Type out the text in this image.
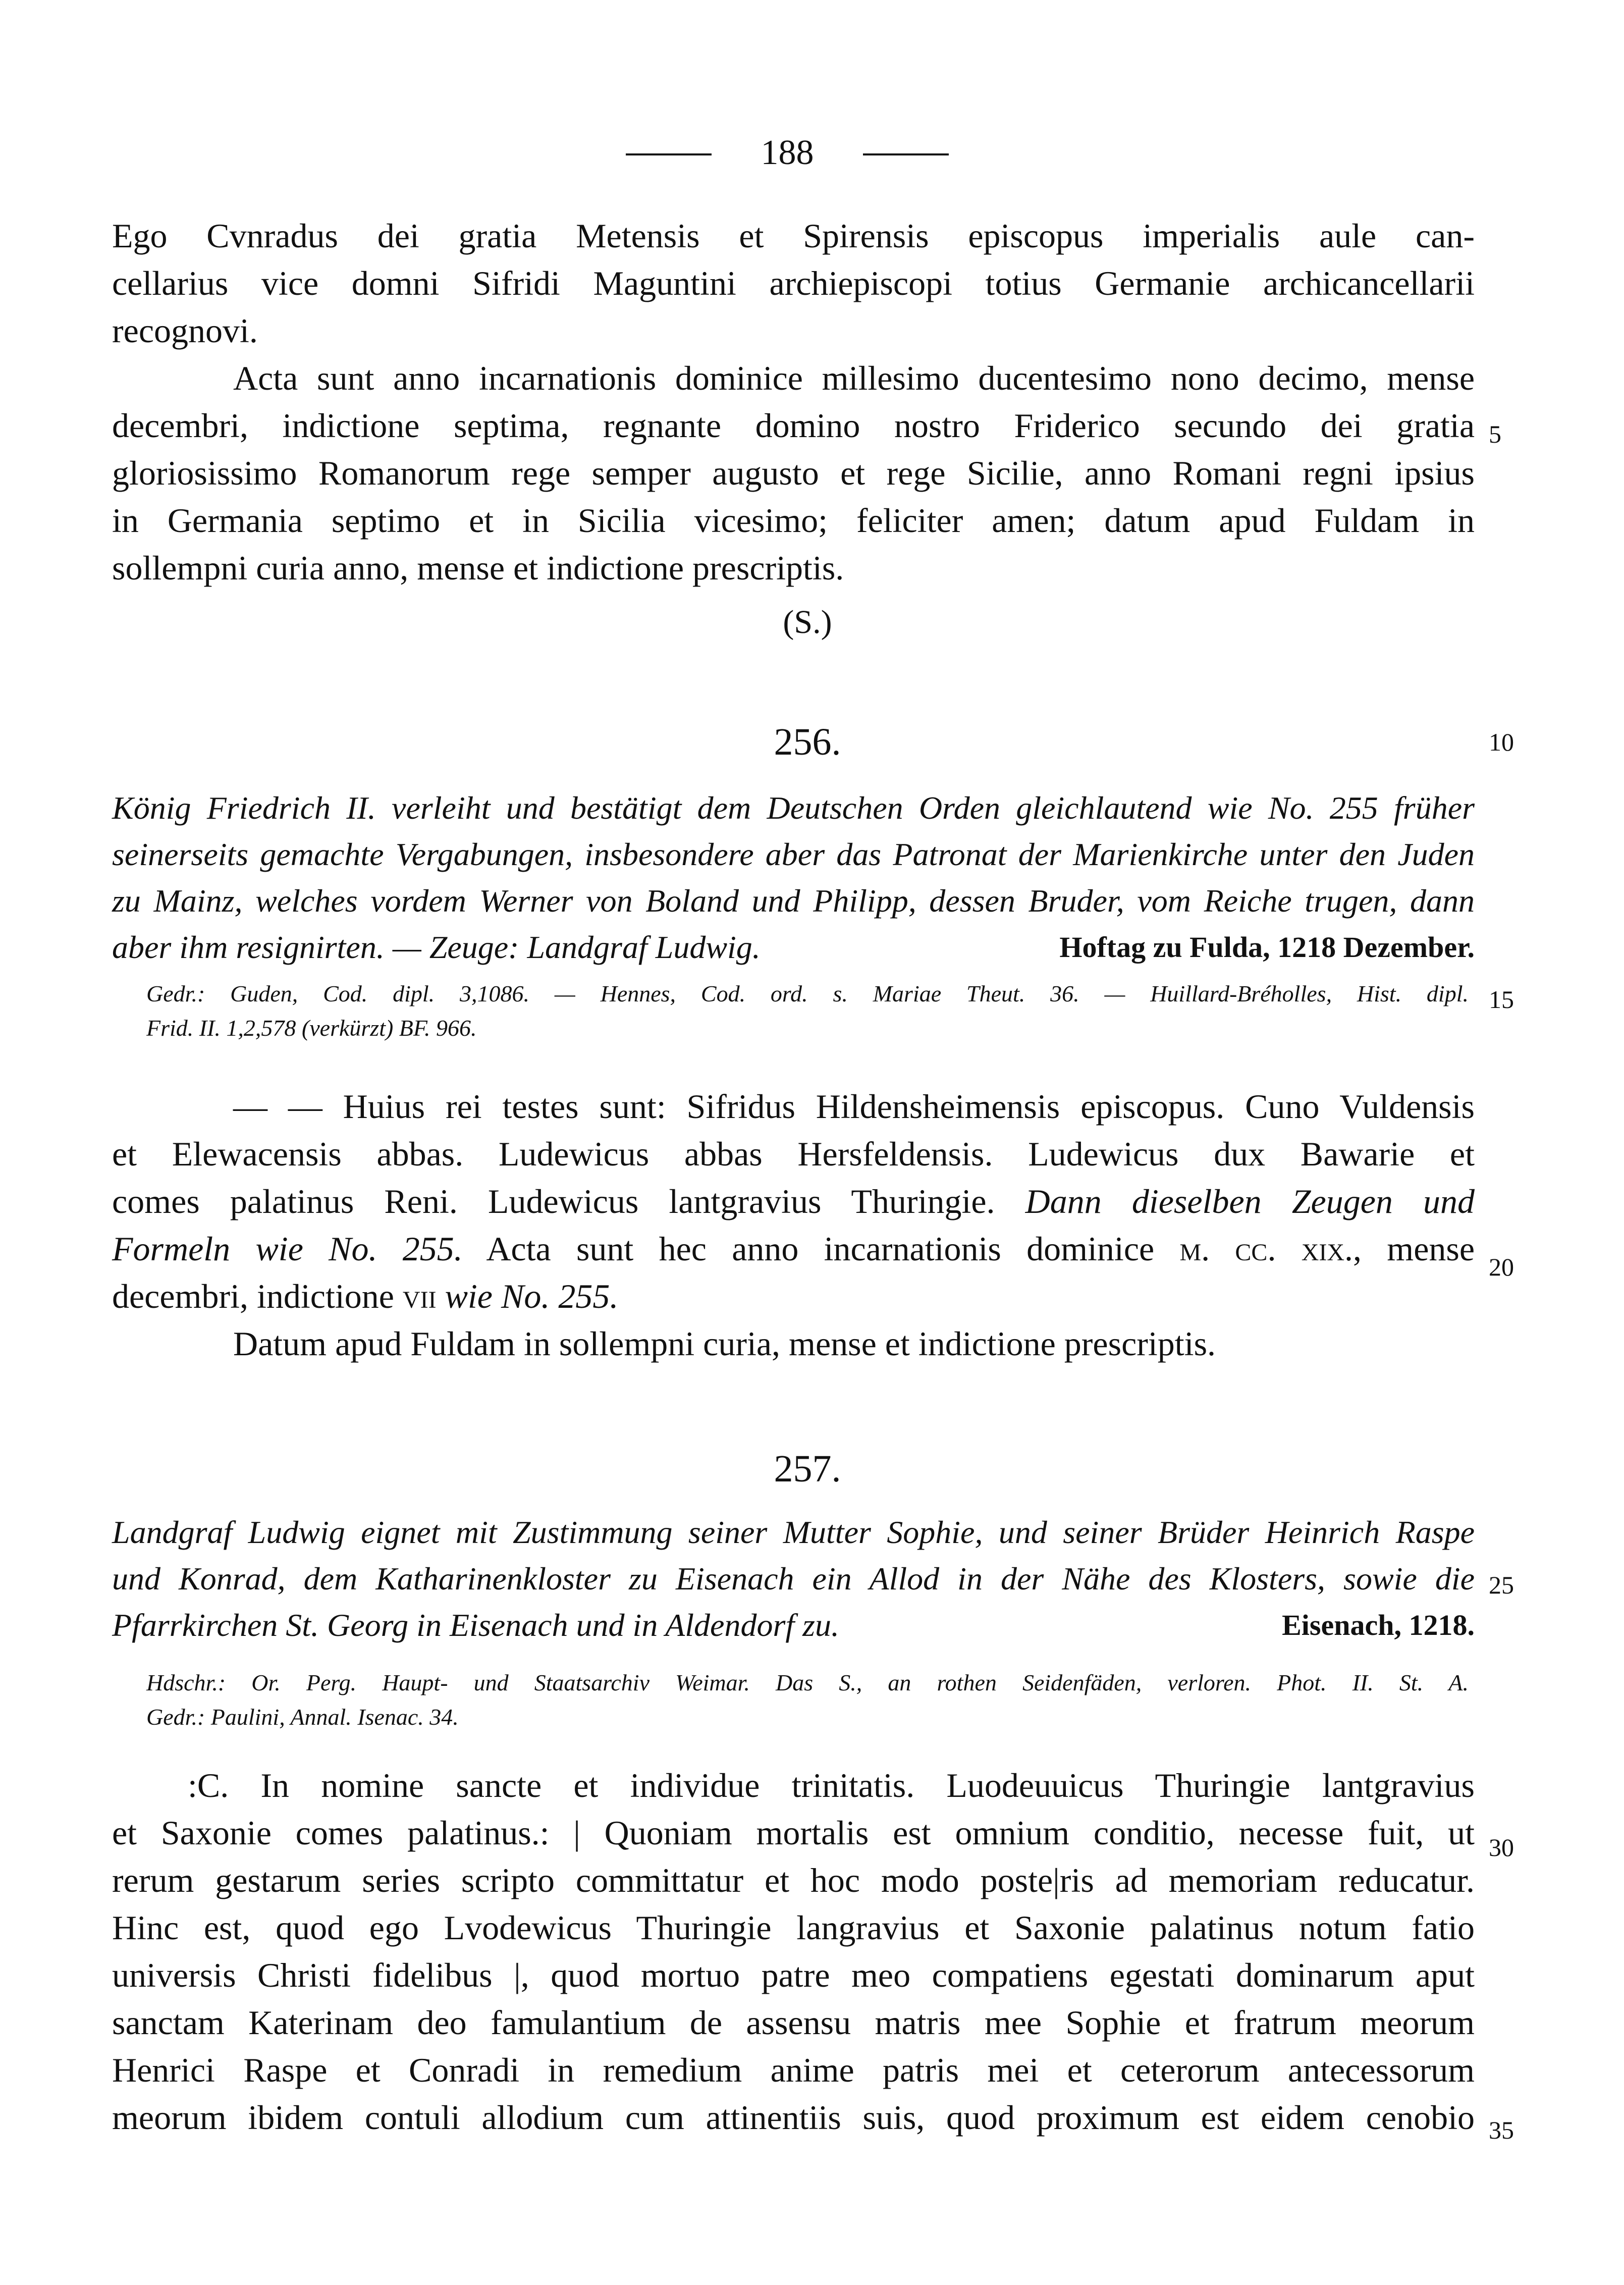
188
Ego Cvnradus dei gratia Metensis et Spirensis episcopus imperialis aule can-
cellarius vice domni Sifridi Maguntini archiepiscopi totius Germanie archicancellarii
recognovi.
Acta sunt anno incarnationis dominice millesimo ducentesimo nono decimo, mense
decembri, indictione septima, regnante domino nostro Friderico secundo dei gratia
gloriosissimo Romanorum rege semper augusto et rege Sicilie, anno Romani regni ipsius
in Germania septimo et in Sicilia vicesimo; feliciter amen; datum apud Fuldam in
sollempni curia anno, mense et indictione prescriptis.
(S.)
256.
König Friedrich II. verleiht und bestätigt dem Deutschen Orden gleichlautend wie No. 255 früher
seinerseits gemachte Vergabungen, insbesondere aber das Patronat der Marienkirche unter den Juden
zu Mainz, welches vordem Werner von Boland und Philipp, dessen Bruder, vom Reiche trugen, dann
aber ihm resignirten. — Zeuge: Landgraf Ludwig.	Hoftag zu Fulda, 1218 Dezember.
Gedr.: Guden, Cod. dipl. 3,1086. — Hennes, Cod. ord. s. Mariae Theut. 36. — Huillard-Bréholles, Hist. dipl.
Frid. II. 1,2,578 (verkürzt) BF. 966.
— — Huius rei testes sunt: Sifridus Hildensheimensis episcopus. Cuno Vuldensis
et Elewacensis abbas. Ludewicus abbas Hersfeldensis. Ludewicus dux Bawarie et
comes palatinus Reni. Ludewicus lantgravius Thuringie. Dann dieselben Zeugen und
Formeln wie No. 255. Acta sunt hec anno incarnationis dominice m. cc. xix., mense
decembri, indictione vii wie No. 255.
Datum apud Fuldam in sollempni curia, mense et indictione prescriptis.
257.
Landgraf Ludwig eignet mit Zustimmung seiner Mutter Sophie, und seiner Brüder Heinrich Raspe
und Konrad, dem Katharinenkloster zu Eisenach ein Allod in der Nähe des Klosters, sowie die
Pfarrkirchen St. Georg in Eisenach und in Aldendorf zu.	Eisenach, 1218.
Hdschr.: Or. Perg. Haupt- und Staatsarchiv Weimar. Das S., an rothen Seidenfäden, verloren. Phot. II. St. A.
Gedr.: Paulini, Annal. Isenac. 34.
:C. In nomine sancte et individue trinitatis. Luodeuuicus Thuringie lantgravius
et Saxonie comes palatinus.: | Quoniam mortalis est omnium conditio, necesse fuit, ut
rerum gestarum series scripto committatur et hoc modo poste|ris ad memoriam reducatur.
Hinc est, quod ego Lvodewicus Thuringie langravius et Saxonie palatinus notum fatio
universis Christi fidelibus |, quod mortuo patre meo compatiens egestati dominarum aput
sanctam Katerinam deo famulantium de assensu matris mee Sophie et fratrum meorum
Henrici Raspe et Conradi in remedium anime patris mei et ceterorum antecessorum
meorum ibidem contuli allodium cum attinentiis suis, quod proximum est eidem cenobio
5
10
15
20
25
30
35
